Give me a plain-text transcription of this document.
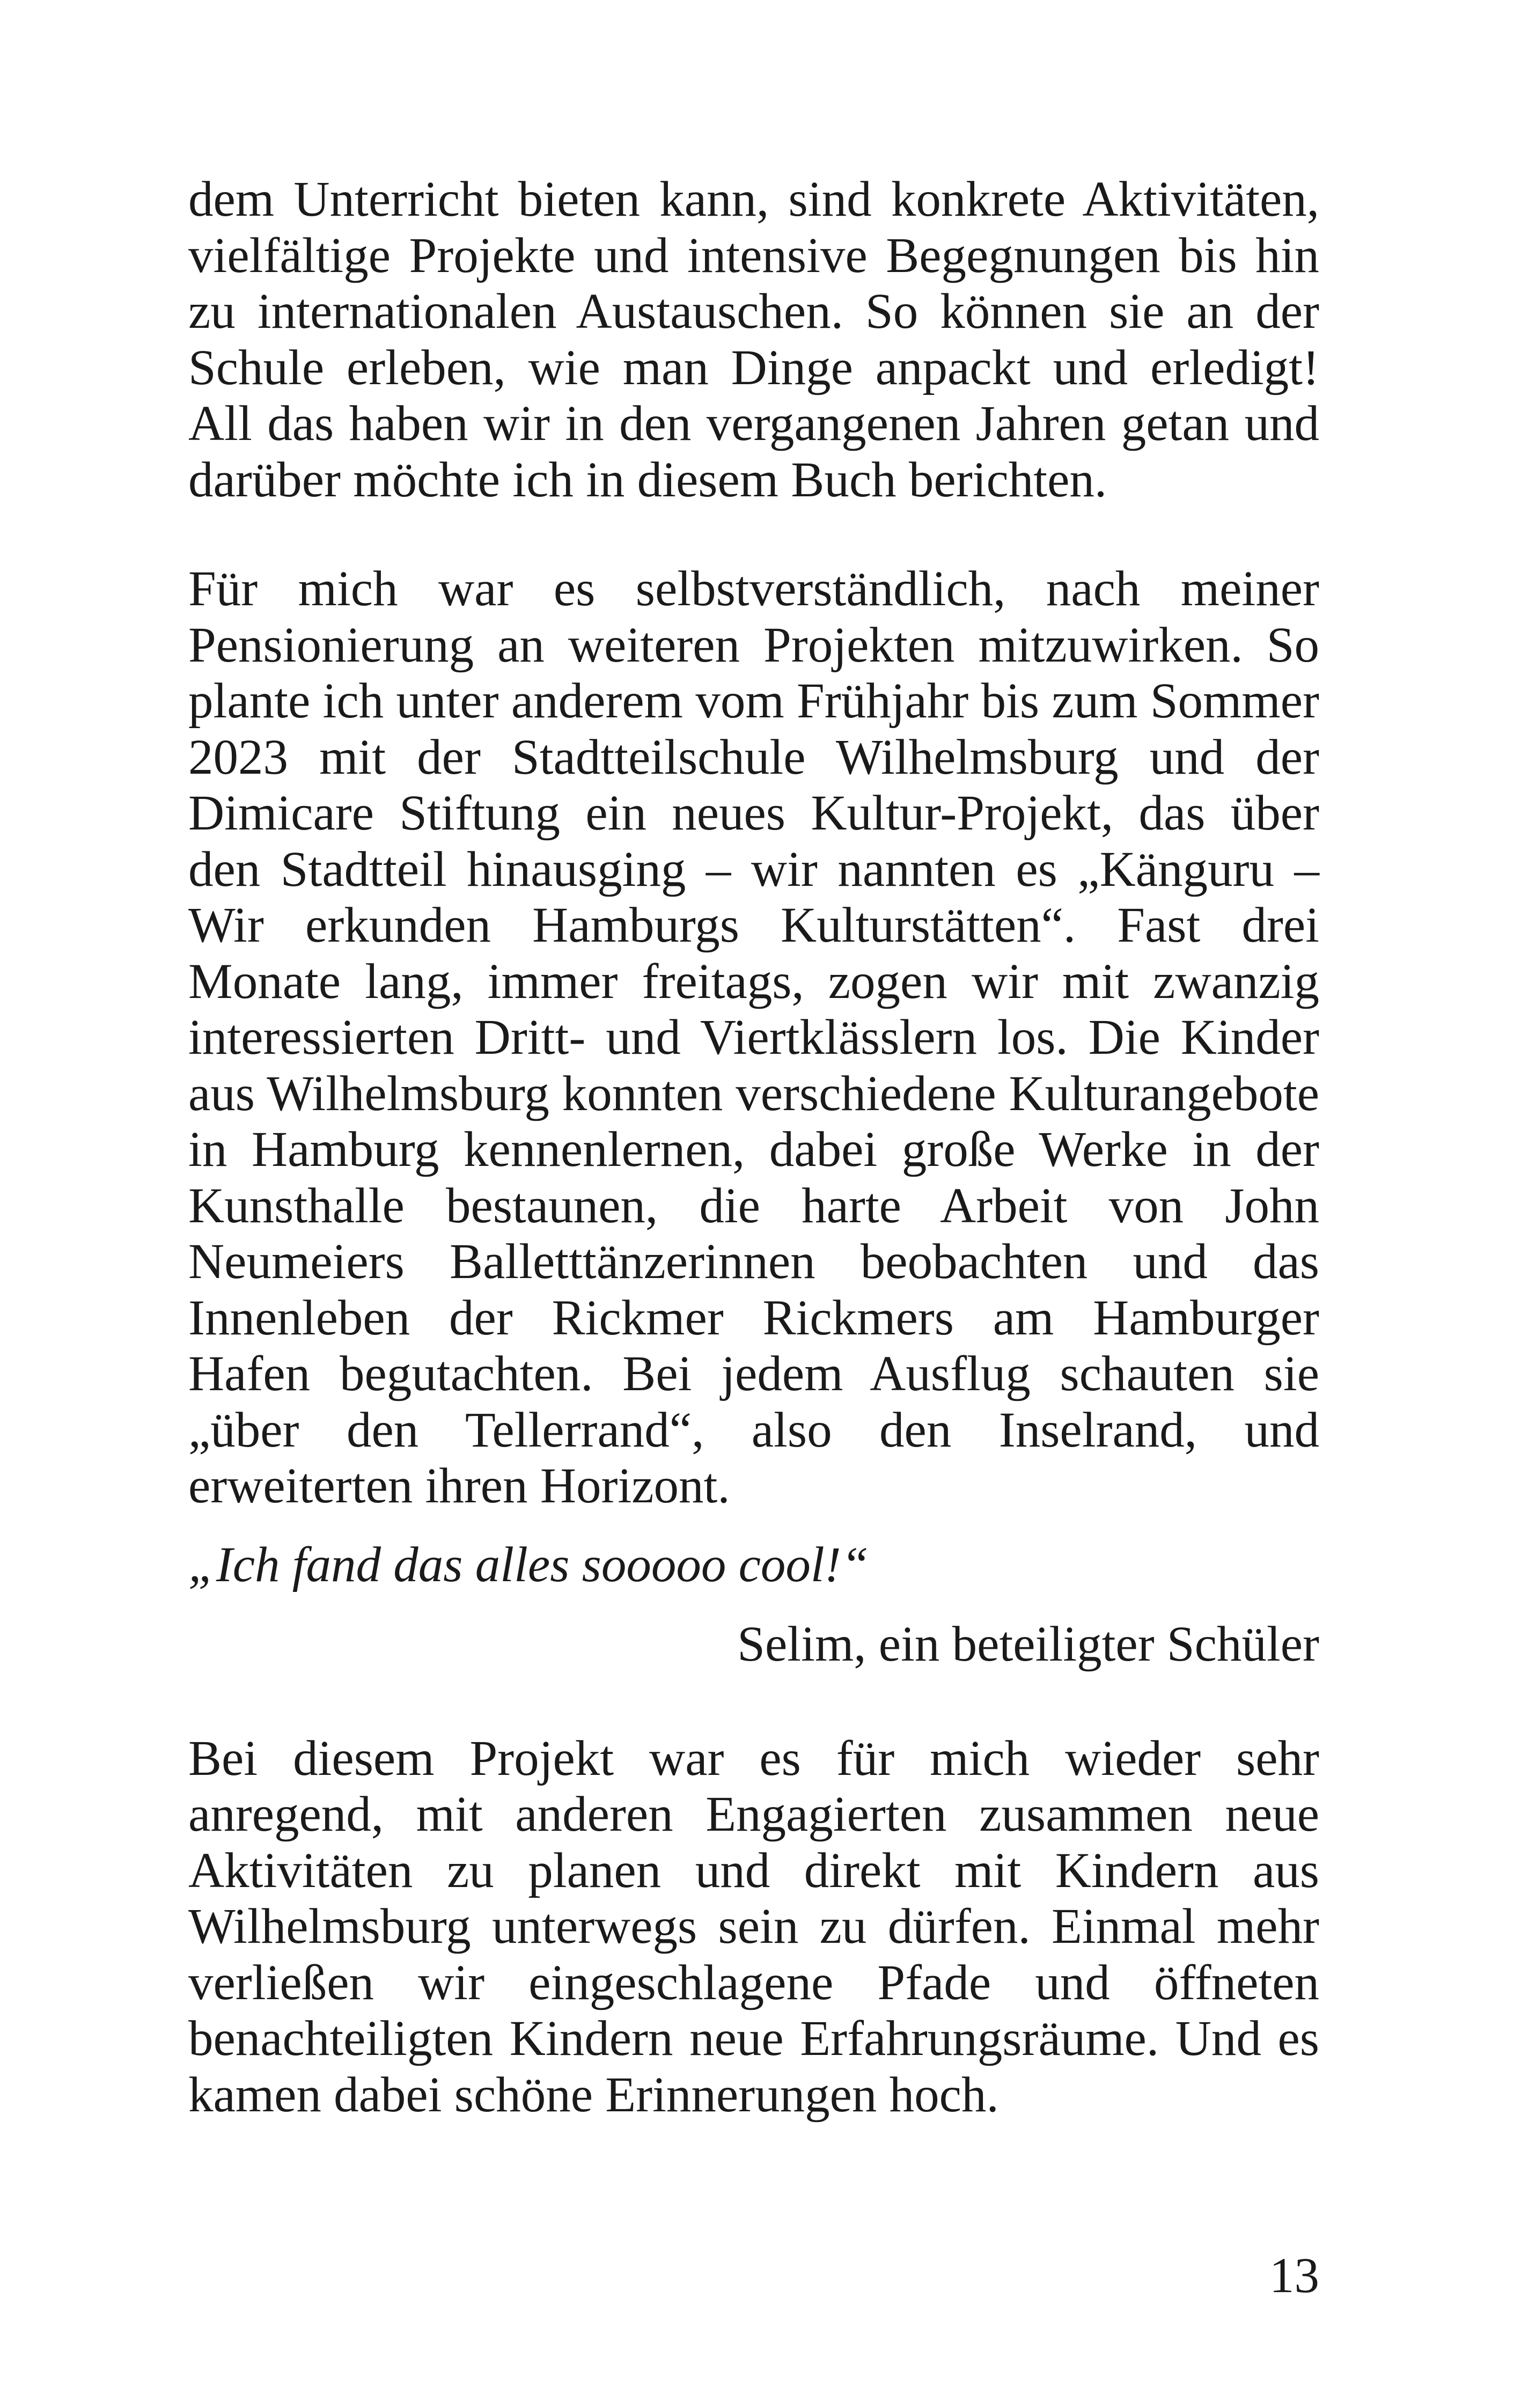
dem Unterricht bieten kann, sind konkrete Aktivitäten, vielfältige Projekte und intensive Begegnungen bis hin zu internationalen Austauschen. So können sie an der Schule erleben, wie man Dinge anpackt und erledigt! All das haben wir in den vergangenen Jahren getan und darüber möchte ich in diesem Buch berichten.

Für mich war es selbstverständlich, nach meiner Pensionierung an weiteren Projekten mitzuwirken. So plante ich unter anderem vom Frühjahr bis zum Sommer 2023 mit der Stadtteilschule Wilhelmsburg und der Dimicare Stiftung ein neues Kultur-Projekt, das über den Stadtteil hinausging – wir nannten es „Känguru – Wir erkunden Hamburgs Kulturstätten“. Fast drei Monate lang, immer freitags, zogen wir mit zwanzig interessierten Dritt- und Viertklässlern los. Die Kinder aus Wilhelmsburg konnten verschiedene Kulturangebote in Hamburg kennenlernen, dabei große Werke in der Kunsthalle bestaunen, die harte Arbeit von John Neumeiers Balletttänzerinnen beobachten und das Innenleben der Rickmer Rickmers am Hamburger Hafen begutachten. Bei jedem Ausflug schauten sie „über den Tellerrand“, also den Inselrand, und erweiterten ihren Horizont.

„Ich fand das alles sooooo cool!“

Selim, ein beteiligter Schüler

Bei diesem Projekt war es für mich wieder sehr anregend, mit anderen Engagierten zusammen neue Aktivitäten zu planen und direkt mit Kindern aus Wilhelmsburg unterwegs sein zu dürfen. Einmal mehr verließen wir eingeschlagene Pfade und öffneten benachteiligten Kindern neue Erfahrungsräume. Und es kamen dabei schöne Erinnerungen hoch.

13
